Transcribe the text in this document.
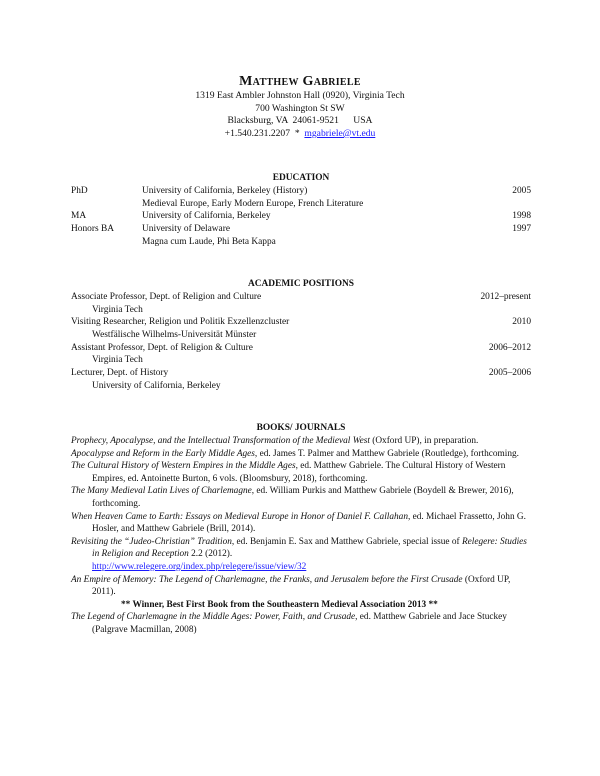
Matthew Gabriele
1319 East Ambler Johnston Hall (0920), Virginia Tech
700 Washington St SW
Blacksburg, VA  24061-9521      USA
+1.540.231.2207  *  mgabriele@vt.edu
EDUCATION
PhD	University of California, Berkeley (History)	2005
Medieval Europe, Early Modern Europe, French Literature
MA	University of California, Berkeley	1998
Honors BA	University of Delaware	1997
Magna cum Laude, Phi Beta Kappa
ACADEMIC POSITIONS
Associate Professor, Dept. of Religion and Culture	2012–present
Virginia Tech
Visiting Researcher, Religion und Politik Exzellenzcluster	2010
Westfälische Wilhelms-Universität Münster
Assistant Professor, Dept. of Religion & Culture	2006–2012
Virginia Tech
Lecturer, Dept. of History	2005–2006
University of California, Berkeley
BOOKS/ JOURNALS
Prophecy, Apocalypse, and the Intellectual Transformation of the Medieval West (Oxford UP), in preparation.
Apocalypse and Reform in the Early Middle Ages, ed. James T. Palmer and Matthew Gabriele (Routledge), forthcoming.
The Cultural History of Western Empires in the Middle Ages, ed. Matthew Gabriele. The Cultural History of Western Empires, ed. Antoinette Burton, 6 vols. (Bloomsbury, 2018), forthcoming.
The Many Medieval Latin Lives of Charlemagne, ed. William Purkis and Matthew Gabriele (Boydell & Brewer, 2016), forthcoming.
When Heaven Came to Earth: Essays on Medieval Europe in Honor of Daniel F. Callahan, ed. Michael Frassetto, John G. Hosler, and Matthew Gabriele (Brill, 2014).
Revisiting the “Judeo-Christian” Tradition, ed. Benjamin E. Sax and Matthew Gabriele, special issue of Relegere: Studies in Religion and Reception 2.2 (2012).
http://www.relegere.org/index.php/relegere/issue/view/32
An Empire of Memory: The Legend of Charlemagne, the Franks, and Jerusalem before the First Crusade (Oxford UP, 2011).
** Winner, Best First Book from the Southeastern Medieval Association 2013 **
The Legend of Charlemagne in the Middle Ages: Power, Faith, and Crusade, ed. Matthew Gabriele and Jace Stuckey (Palgrave Macmillan, 2008)
